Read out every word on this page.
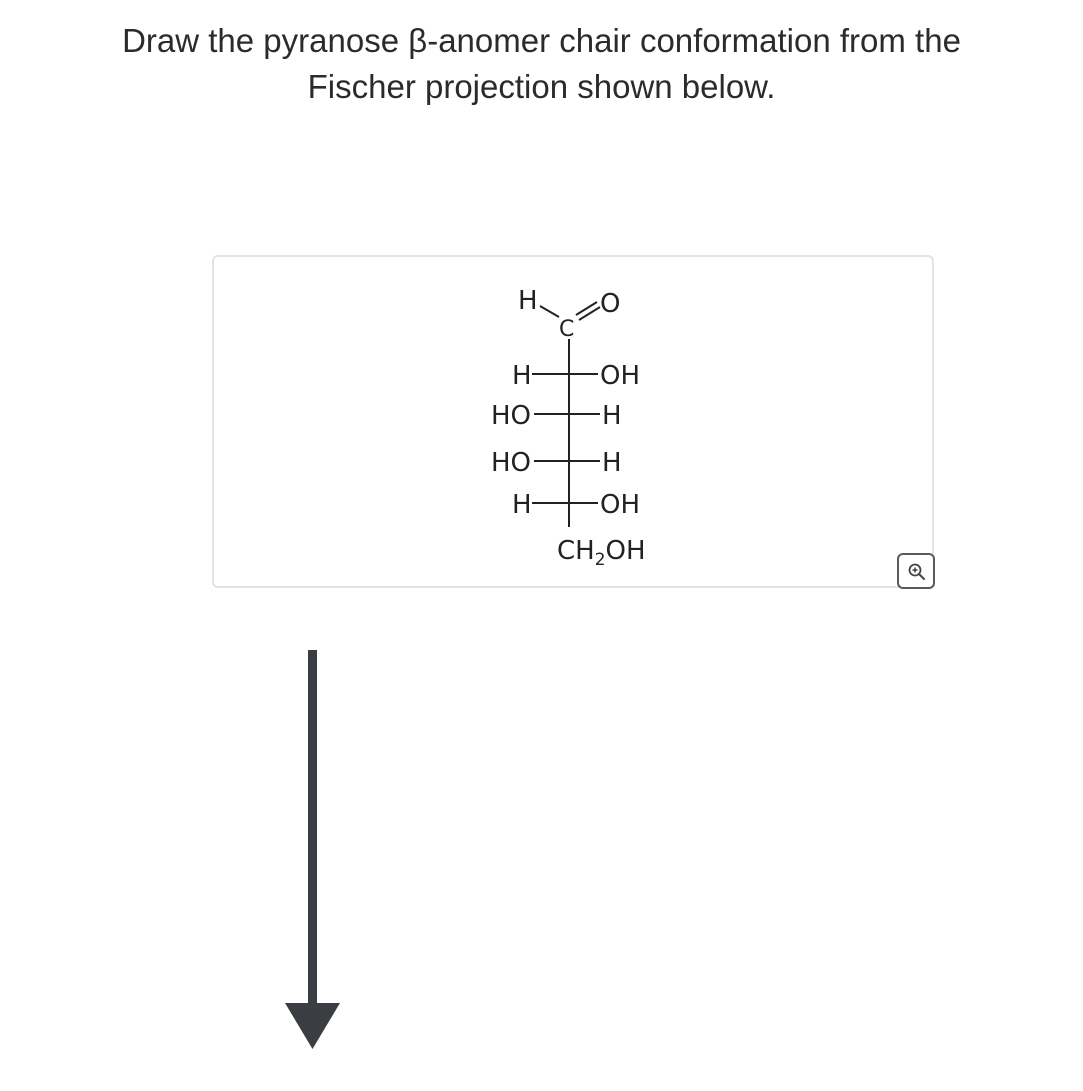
Draw the pyranose β-anomer chair conformation from the
Fischer projection shown below.
H
C
O
H	OH
HO	H
HO	H
H	OH
$CH_2OH$
